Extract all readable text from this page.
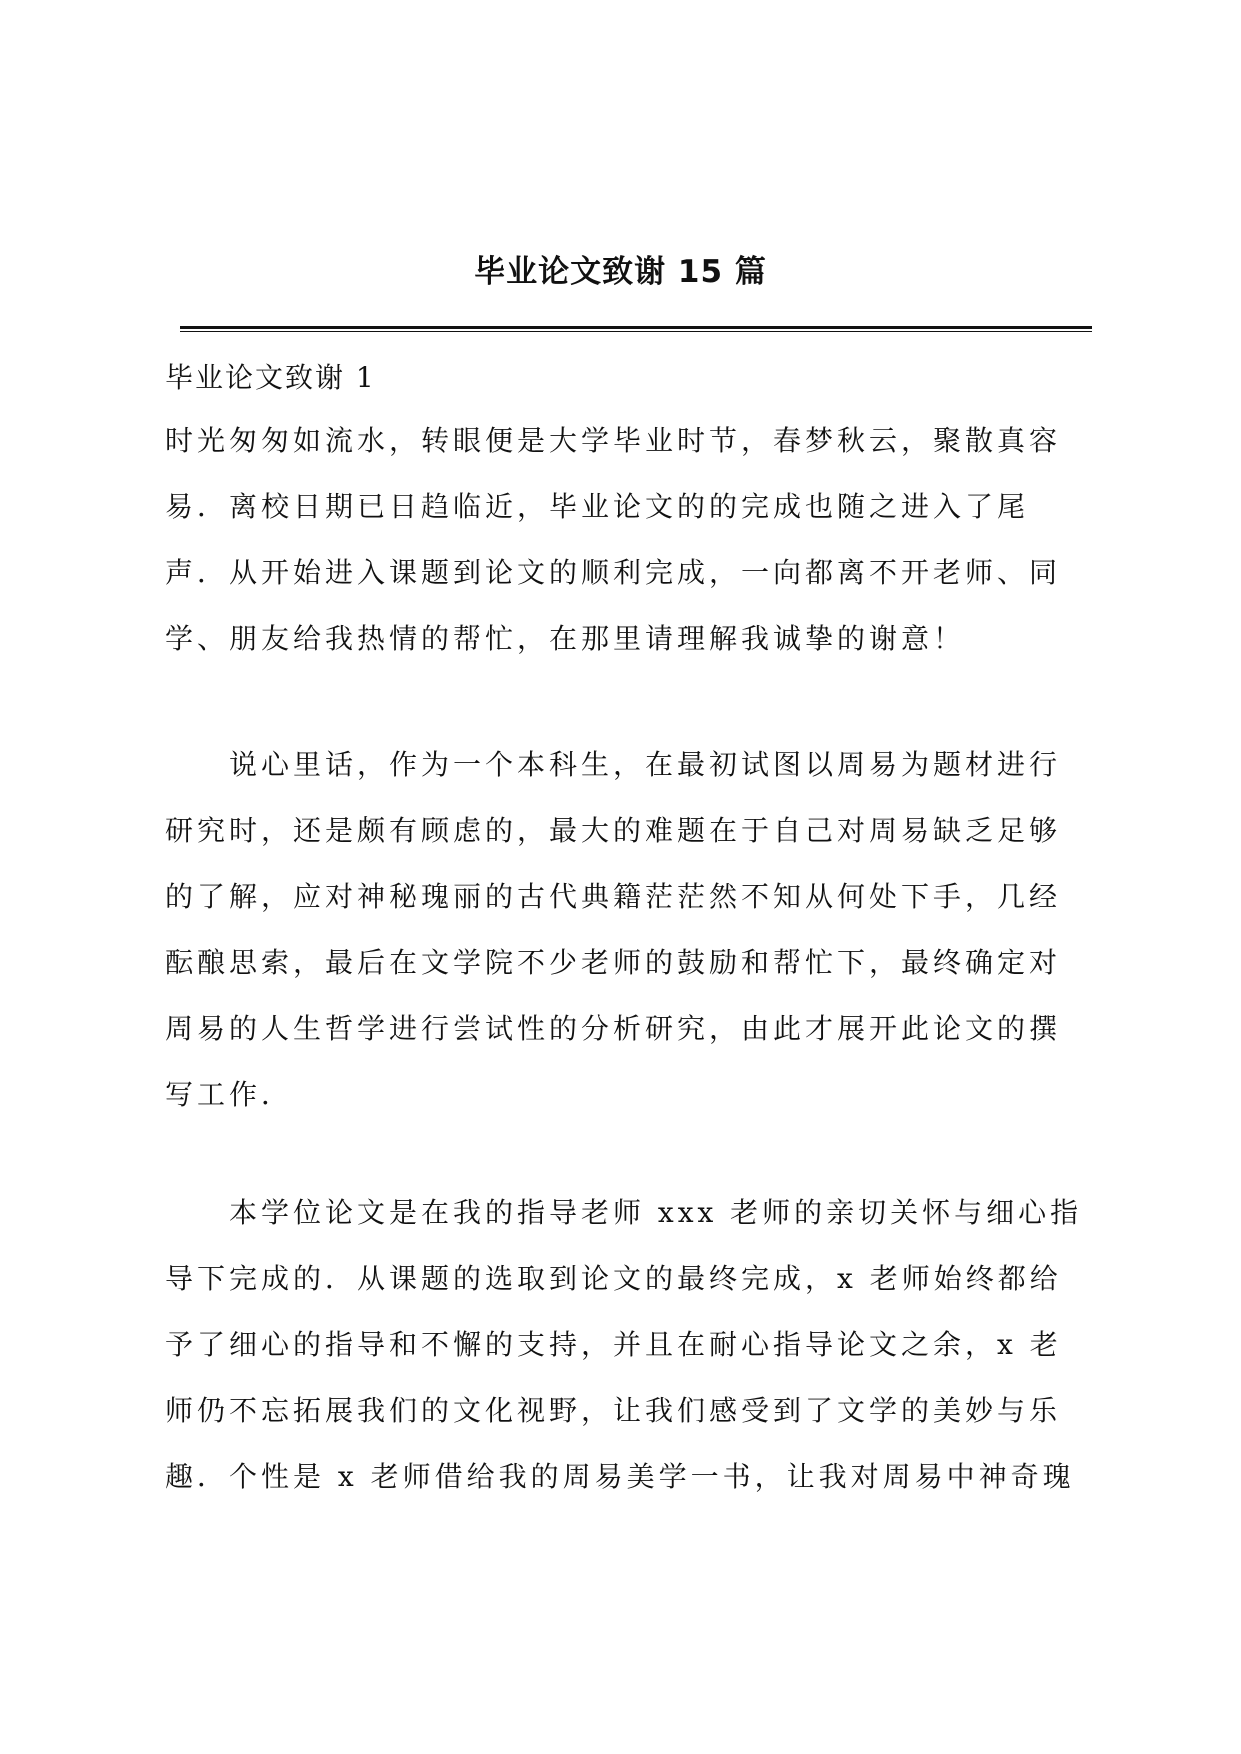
毕业论文致谢 15 篇
毕业论文致谢 1
时光匆匆如流水，转眼便是大学毕业时节，春梦秋云，聚散真容
易．离校日期已日趋临近，毕业论文的的完成也随之进入了尾
声．从开始进入课题到论文的顺利完成，一向都离不开老师、同
学、朋友给我热情的帮忙，在那里请理解我诚挚的谢意！
　　说心里话，作为一个本科生，在最初试图以周易为题材进行
研究时，还是颇有顾虑的，最大的难题在于自己对周易缺乏足够
的了解，应对神秘瑰丽的古代典籍茫茫然不知从何处下手，几经
酝酿思索，最后在文学院不少老师的鼓励和帮忙下，最终确定对
周易的人生哲学进行尝试性的分析研究，由此才展开此论文的撰
写工作．
　　本学位论文是在我的指导老师 xxx 老师的亲切关怀与细心指
导下完成的．从课题的选取到论文的最终完成，x 老师始终都给
予了细心的指导和不懈的支持，并且在耐心指导论文之余，x 老
师仍不忘拓展我们的文化视野，让我们感受到了文学的美妙与乐
趣．个性是 x 老师借给我的周易美学一书，让我对周易中神奇瑰
